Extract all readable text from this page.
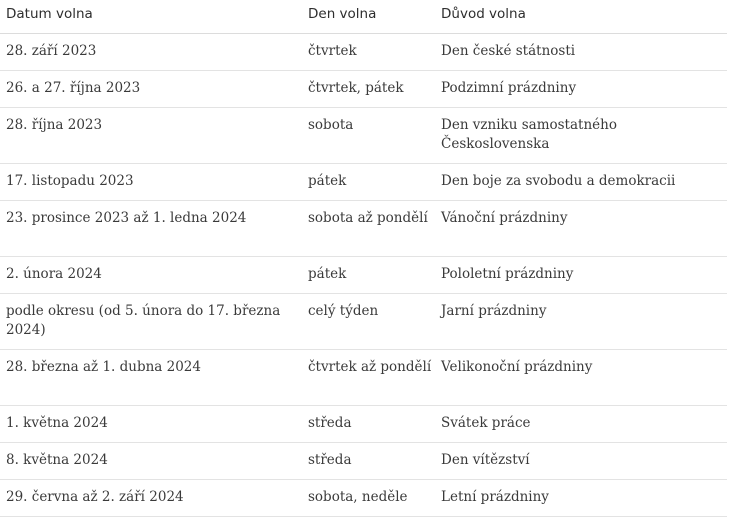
Datum volna	Den volna	Důvod volna
28. září 2023	čtvrtek	Den české státnosti
26. a 27. října 2023	čtvrtek, pátek	Podzimní prázdniny
28. října 2023	sobota	Den vzniku samostatného Československa
17. listopadu 2023	pátek	Den boje za svobodu a demokracii
23. prosince 2023 až 1. ledna 2024	sobota až pondělí	Vánoční prázdniny
2. února 2024	pátek	Pololetní prázdniny
podle okresu (od 5. února do 17. března 2024)	celý týden	Jarní prázdniny
28. března až 1. dubna 2024	čtvrtek až pondělí	Velikonoční prázdniny
1. května 2024	středa	Svátek práce
8. května 2024	středa	Den vítězství
29. června až 2. září 2024	sobota, neděle	Letní prázdniny
